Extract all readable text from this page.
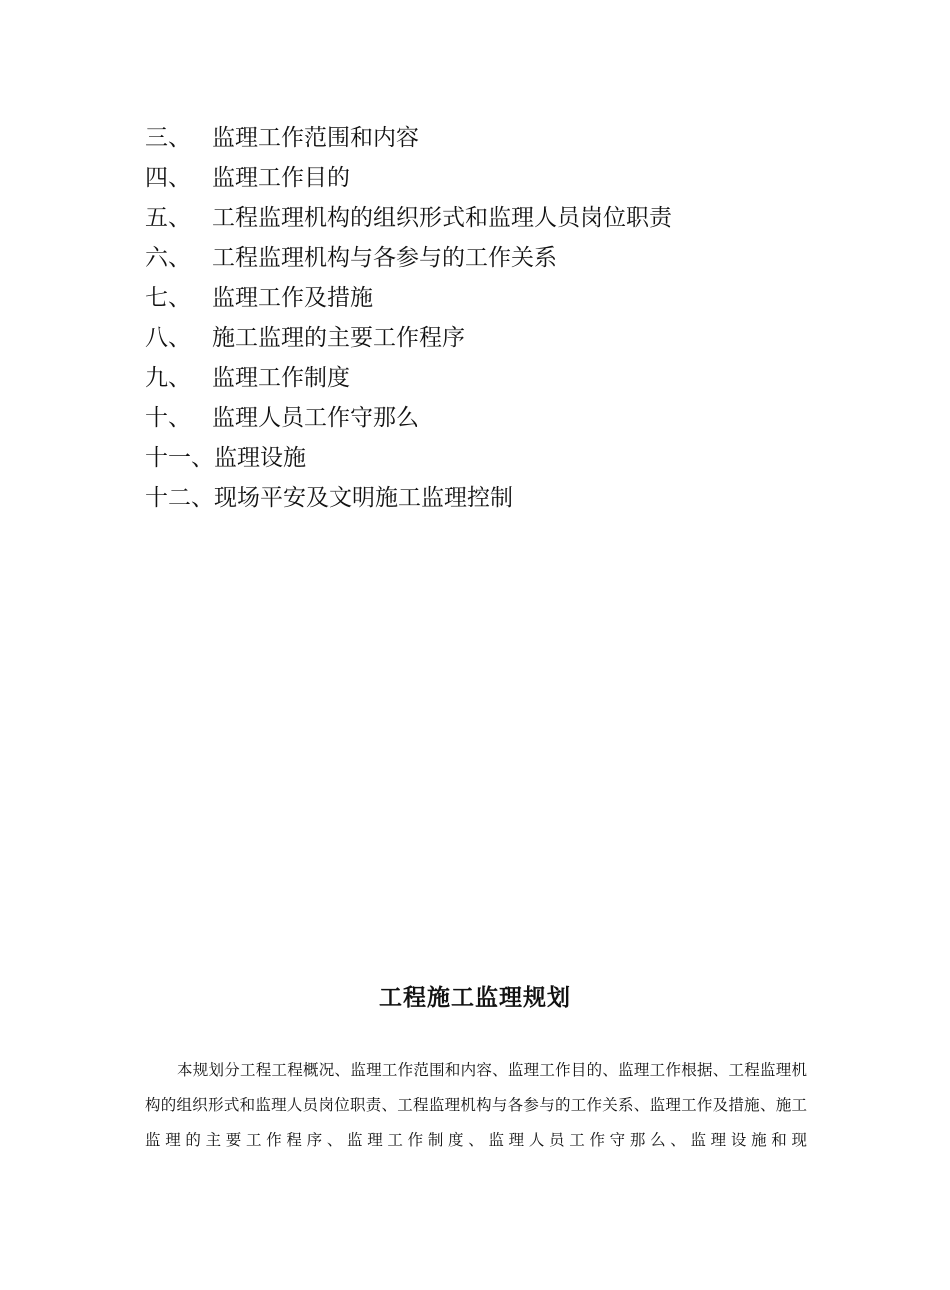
三、 监理工作范围和内容
四、 监理工作目的
五、 工程监理机构的组织形式和监理人员岗位职责
六、 工程监理机构与各参与的工作关系
七、 监理工作及措施
八、 施工监理的主要工作程序
九、 监理工作制度
十、 监理人员工作守那么
十一、 监理设施
十二、 现场平安及文明施工监理控制
工程施工监理规划
本规划分工程工程概况、监理工作范围和内容、监理工作目的、监理工作根据、工程监理机构的组织形式和监理人员岗位职责、工程监理机构与各参与的工作关系、监理工作及措施、施工监理的主要工作程序、监理工作制度、监理人员工作守那么、监理设施和现
